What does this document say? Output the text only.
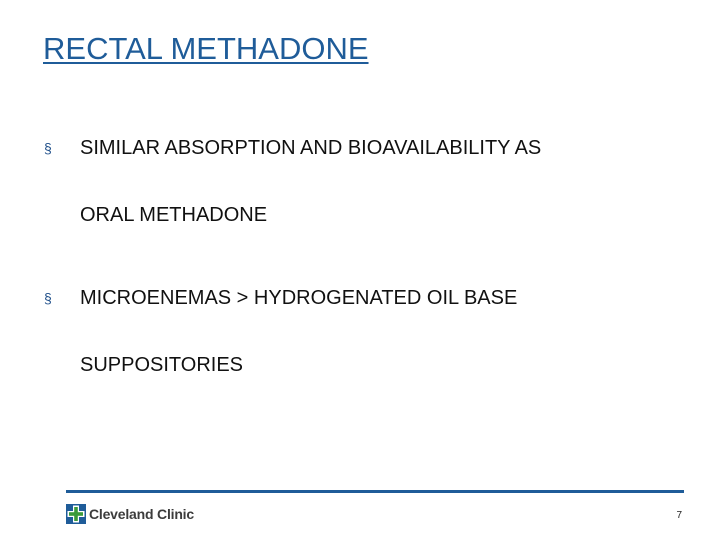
RECTAL METHADONE
§ SIMILAR ABSORPTION AND BIOAVAILABILITY AS
ORAL METHADONE
§ MICROENEMAS > HYDROGENATED OIL BASE
SUPPOSITORIES
Cleveland Clinic	7
